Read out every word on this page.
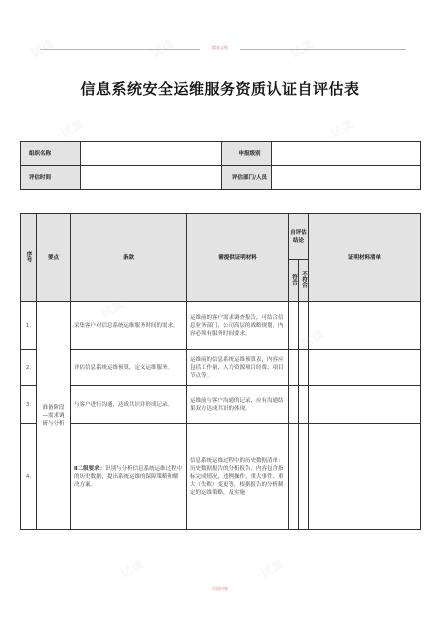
精品文档
信息系统安全运维服务资质认证自评估表
组织名称		申报级别	
评估时间		评估部门/人员	
序号	要点	条款	需提供证明材料	自评估结论		证明材料清单
				符合	不符合	
1.	准备阶段—需求调研与分析	采集客户对信息系统运维服务时间的需求。	运维前的客户需求调查报告，可结合信息业务部门、公司高层的战略规划，内容必须有服务时间要求。			
2.		评估信息系统运维预算，定义运维服务。	运维前的信息系统运维预算表，内容应包括工作量、人力资源项目经费、项目节点等。			
3.		与客户进行沟通，达成共识并形成记录。	运维前与客户沟通的记录，应有沟通结果双方达成共识的体现。			
4.		Ⅱ二级要求：识别与分析信息系统运维过程中的历史数据，提出系统运维的保障策略和解决方案。	信息系统运维过程中的历史数据清单：历史数据报告的分析报告，内容包含指标完成情况，违例操作、重大事件、重大（失败）变更等，根据报告的分析制定的运维策略，及实施			
试读	试读	试读
试读	试读
试读
试读
试读	试读
页眉内容
